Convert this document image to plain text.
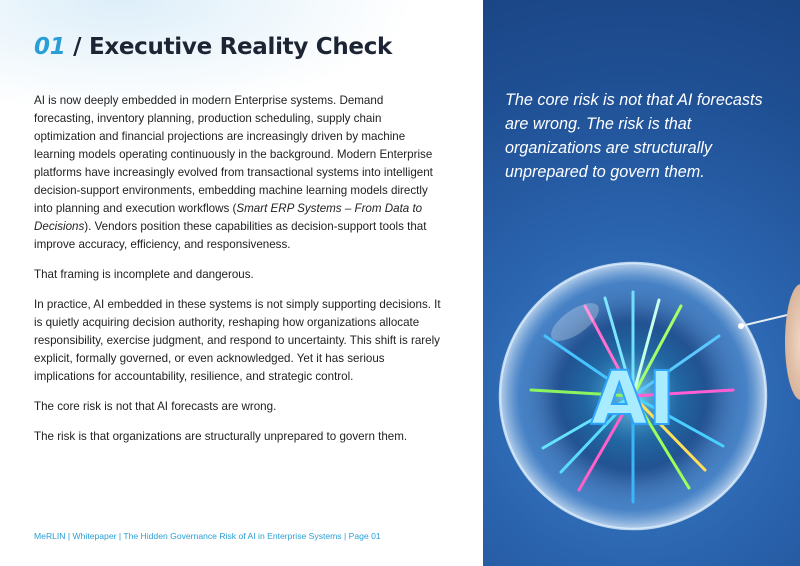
01 / Executive Reality Check

AI is now deeply embedded in modern Enterprise systems. Demand forecasting, inventory planning, production scheduling, supply chain optimization and financial projections are increasingly driven by machine learning models operating continuously in the background. Modern Enterprise platforms have increasingly evolved from transactional systems into intelligent decision-support environments, embedding machine learning models directly into planning and execution workflows (Smart ERP Systems – From Data to Decisions). Vendors position these capabilities as decision-support tools that improve accuracy, efficiency, and responsiveness.

That framing is incomplete and dangerous.

In practice, AI embedded in these systems is not simply supporting decisions. It is quietly acquiring decision authority, reshaping how organizations allocate responsibility, exercise judgment, and respond to uncertainty. This shift is rarely explicit, formally governed, or even acknowledged. Yet it has serious implications for accountability, resilience, and strategic control.

The core risk is not that AI forecasts are wrong.

The risk is that organizations are structurally unprepared to govern them.

MeRLIN | Whitepaper | The Hidden Governance Risk of AI in Enterprise Systems | Page 01
The core risk is not that AI forecasts are wrong. The risk is that organizations are structurally unprepared to govern them.
AI
